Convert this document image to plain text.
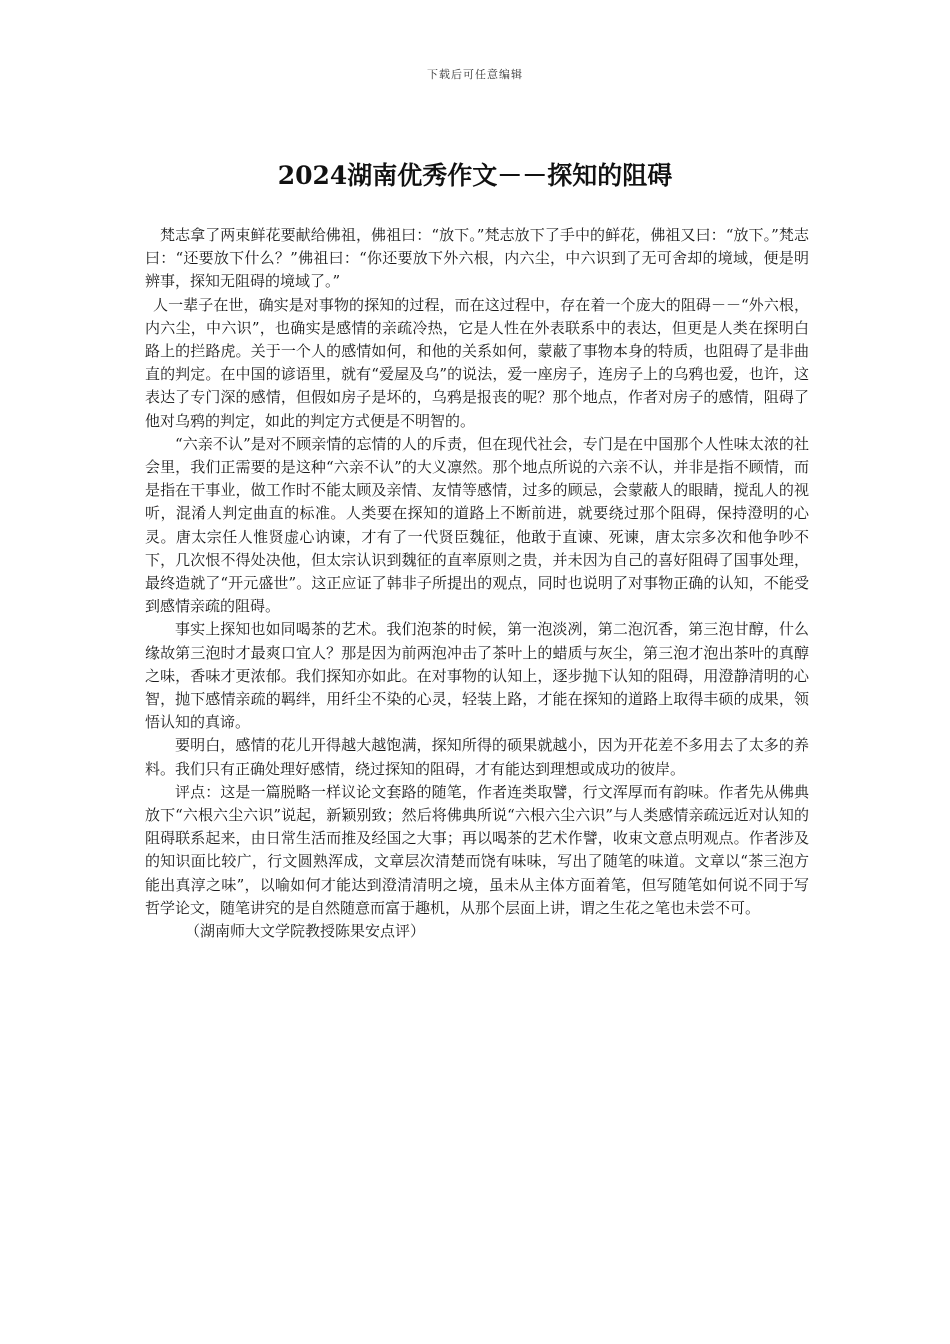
下载后可任意编辑
2024湖南优秀作文－－探知的阻碍

梵志拿了两束鲜花要献给佛祖，佛祖曰：“放下。”梵志放下了手中的鲜花，佛祖又曰：“放下。”梵志曰：“还要放下什么？”佛祖曰：“你还要放下外六根，内六尘，中六识到了无可舍却的境域，便是明辨事，探知无阻碍的境域了。”

人一辈子在世，确实是对事物的探知的过程，而在这过程中，存在着一个庞大的阻碍－－“外六根，内六尘，中六识”，也确实是感情的亲疏冷热，它是人性在外表联系中的表达，但更是人类在探明白路上的拦路虎。关于一个人的感情如何，和他的关系如何，蒙蔽了事物本身的特质，也阻碍了是非曲直的判定。在中国的谚语里，就有“爱屋及乌”的说法，爱一座房子，连房子上的乌鸦也爱，也许，这表达了专门深的感情，但假如房子是坏的，乌鸦是报丧的呢？那个地点，作者对房子的感情，阻碍了他对乌鸦的判定，如此的判定方式便是不明智的。

“六亲不认”是对不顾亲情的忘情的人的斥责，但在现代社会，专门是在中国那个人性味太浓的社会里，我们正需要的是这种“六亲不认”的大义凛然。那个地点所说的六亲不认，并非是指不顾情，而是指在干事业，做工作时不能太顾及亲情、友情等感情，过多的顾忌，会蒙蔽人的眼睛，搅乱人的视听，混淆人判定曲直的标准。人类要在探知的道路上不断前进，就要绕过那个阻碍，保持澄明的心灵。唐太宗任人惟贤虚心讷谏，才有了一代贤臣魏征，他敢于直谏、死谏，唐太宗多次和他争吵不下，几次恨不得处决他，但太宗认识到魏征的直率原则之贵，并未因为自己的喜好阻碍了国事处理，最终造就了“开元盛世”。这正应证了韩非子所提出的观点，同时也说明了对事物正确的认知，不能受到感情亲疏的阻碍。

事实上探知也如同喝茶的艺术。我们泡茶的时候，第一泡淡冽，第二泡沉香，第三泡甘醇，什么缘故第三泡时才最爽口宜人？那是因为前两泡冲击了茶叶上的蜡质与灰尘，第三泡才泡出茶叶的真醇之味，香味才更浓郁。我们探知亦如此。在对事物的认知上，逐步抛下认知的阻碍，用澄静清明的心智，抛下感情亲疏的羁绊，用纤尘不染的心灵，轻装上路，才能在探知的道路上取得丰硕的成果，领悟认知的真谛。

要明白，感情的花儿开得越大越饱满，探知所得的硕果就越小，因为开花差不多用去了太多的养料。我们只有正确处理好感情，绕过探知的阻碍，才有能达到理想或成功的彼岸。

评点：这是一篇脱略一样议论文套路的随笔，作者连类取譬，行文浑厚而有韵味。作者先从佛典放下“六根六尘六识”说起，新颖别致；然后将佛典所说“六根六尘六识”与人类感情亲疏远近对认知的阻碍联系起来，由日常生活而推及经国之大事；再以喝茶的艺术作譬，收束文意点明观点。作者涉及的知识面比较广，行文圆熟浑成，文章层次清楚而饶有味味，写出了随笔的味道。文章以“茶三泡方能出真淳之味”，以喻如何才能达到澄清清明之境，虽未从主体方面着笔，但写随笔如何说不同于写哲学论文，随笔讲究的是自然随意而富于趣机，从那个层面上讲，谓之生花之笔也未尝不可。

（湖南师大文学院教授陈果安点评）
